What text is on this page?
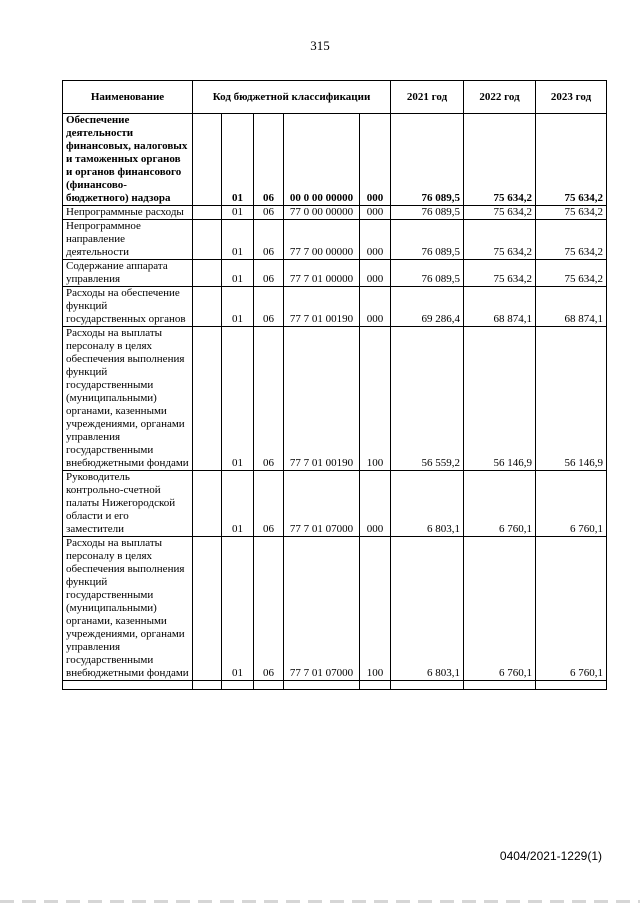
315
Наименование	Код бюджетной классификации					2021 год	2022 год	2023 год
Обеспечение деятельности финансовых, налоговых и таможенных органов и органов финансового (финансово-бюджетного) надзора		01	06	00 0 00 00000	000	76 089,5	75 634,2	75 634,2
Непрограммные расходы		01	06	77 0 00 00000	000	76 089,5	75 634,2	75 634,2
Непрограммное направление деятельности		01	06	77 7 00 00000	000	76 089,5	75 634,2	75 634,2
Содержание аппарата управления		01	06	77 7 01 00000	000	76 089,5	75 634,2	75 634,2
Расходы на обеспечение функций государственных органов		01	06	77 7 01 00190	000	69 286,4	68 874,1	68 874,1
Расходы на выплаты персоналу в целях обеспечения выполнения функций государственными (муниципальными) органами, казенными учреждениями, органами управления государственными внебюджетными фондами		01	06	77 7 01 00190	100	56 559,2	56 146,9	56 146,9
Руководитель контрольно-счетной палаты Нижегородской области и его заместители		01	06	77 7 01 07000	000	6 803,1	6 760,1	6 760,1
Расходы на выплаты персоналу в целях обеспечения выполнения функций государственными (муниципальными) органами, казенными учреждениями, органами управления государственными внебюджетными фондами		01	06	77 7 01 07000	100	6 803,1	6 760,1	6 760,1

0404/2021-1229(1)
